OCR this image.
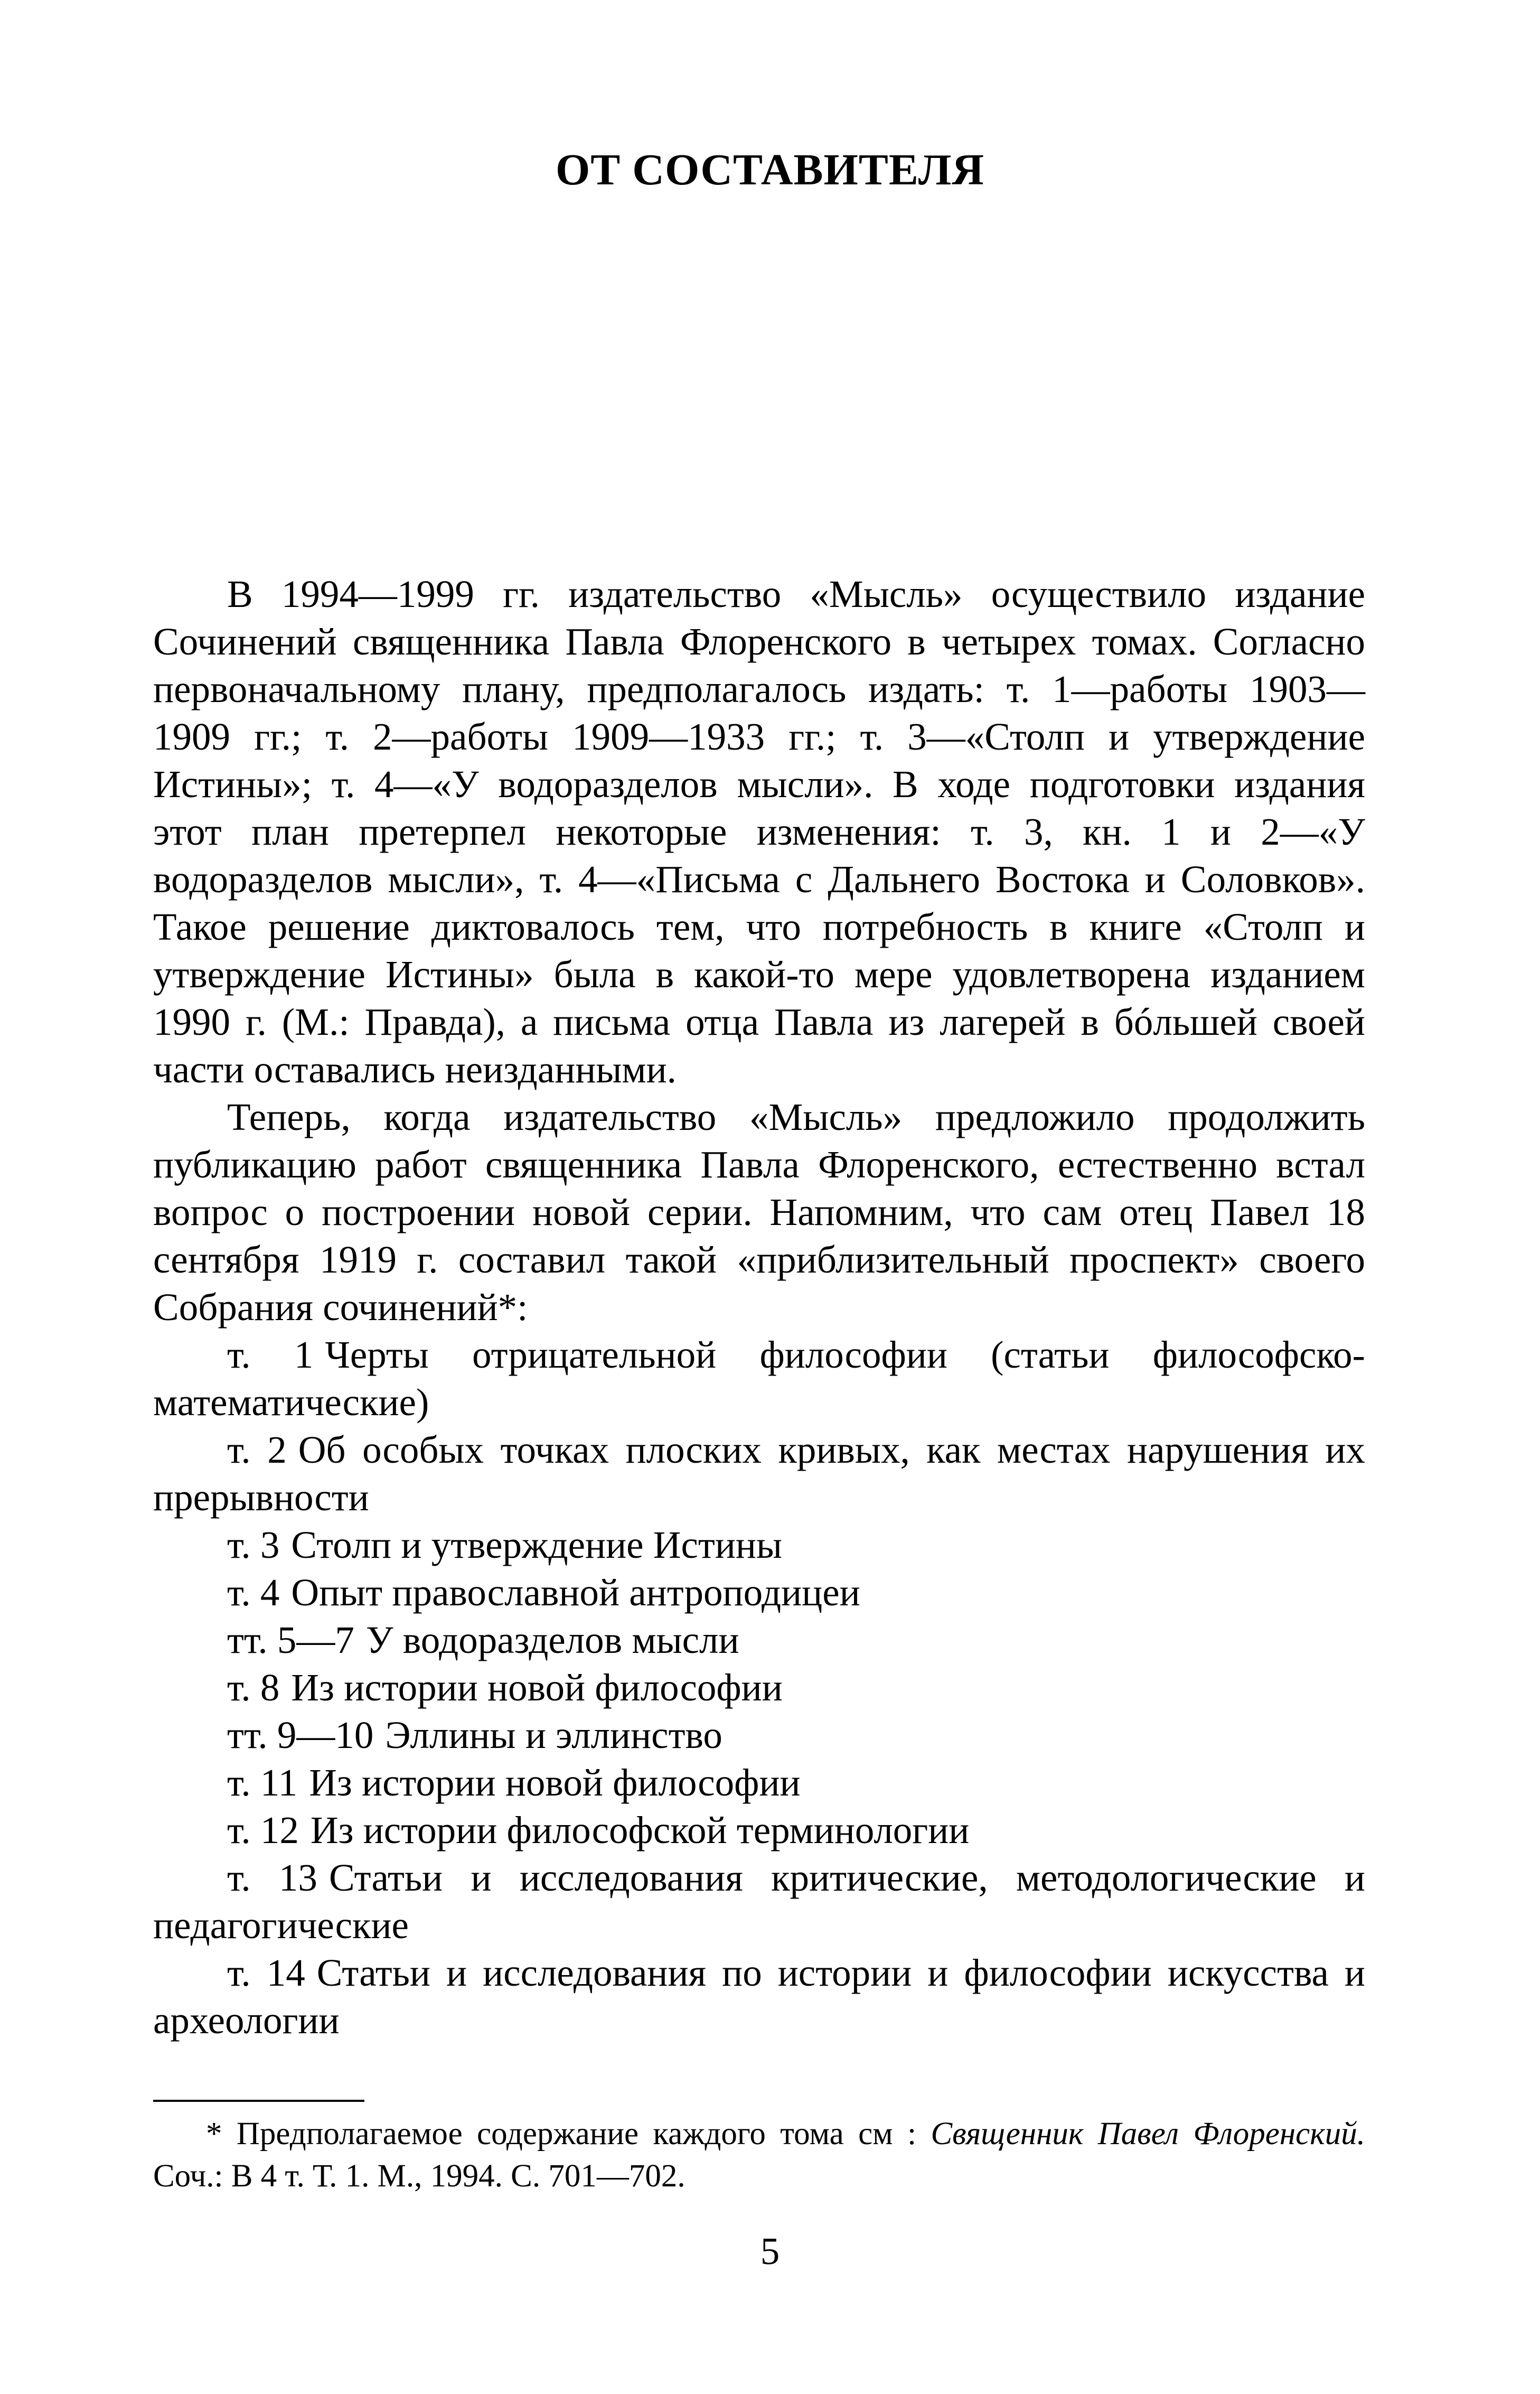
ОТ СОСТАВИТЕЛЯ

В 1994—1999 гг. издательство «Мысль» осуществило издание Сочинений священника Павла Флоренского в четырех томах. Согласно первоначальному плану, предполагалось издать: т. 1—работы 1903—1909 гг.; т. 2—работы 1909—1933 гг.; т. 3—«Столп и утверждение Истины»; т. 4—«У водоразделов мысли». В ходе подготовки издания этот план претерпел некоторые изменения: т. 3, кн. 1 и 2—«У водоразделов мысли», т. 4—«Письма с Дальнего Востока и Соловков». Такое решение диктовалось тем, что потребность в книге «Столп и утверждение Истины» была в какой-то мере удовлетворена изданием 1990 г. (М.: Правда), а письма отца Павла из лагерей в бóльшей своей части оставались неизданными.

Теперь, когда издательство «Мысль» предложило продолжить публикацию работ священника Павла Флоренского, естественно встал вопрос о построении новой серии. Напомним, что сам отец Павел 18 сентября 1919 г. составил такой «приблизительный проспект» своего Собрания сочинений*:

т. 1 Черты отрицательной философии (статьи философско-математические)
т. 2 Об особых точках плоских кривых, как местах нарушения их прерывности
т. 3 Столп и утверждение Истины
т. 4 Опыт православной антроподицеи
тт. 5—7 У водоразделов мысли
т. 8 Из истории новой философии
тт. 9—10 Эллины и эллинство
т. 11 Из истории новой философии
т. 12 Из истории философской терминологии
т. 13 Статьи и исследования критические, методологические и педагогические
т. 14 Статьи и исследования по истории и философии искусства и археологии

* Предполагаемое содержание каждого тома см : Священник Павел Флоренский. Соч.: В 4 т. Т. 1. М., 1994. С. 701—702.

5
